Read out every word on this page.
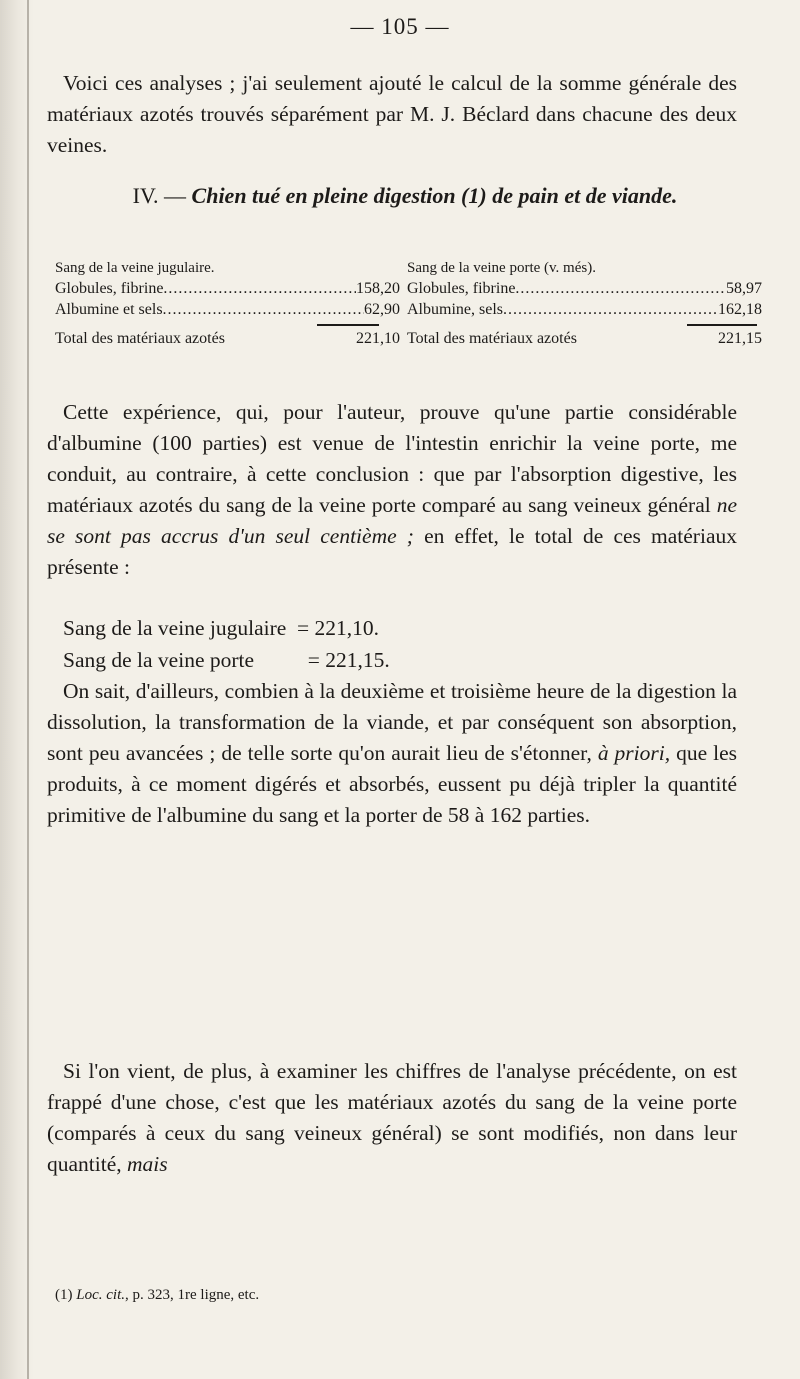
— 105 —

Voici ces analyses ; j'ai seulement ajouté le calcul de la somme générale des matériaux azotés trouvés séparément par M. J. Béclard dans chacune des deux veines.

IV. — Chien tué en pleine digestion (1) de pain et de viande.
Sang de la veine jugulaire.
Globules, fibrine .....	158,20
Albumine et sels .....	62,90
Total des matériaux azotés	221,10
Sang de la veine porte (v. més).
Globules, fibrine .....	58,97
Albumine, sels .....	162,18
Total des matériaux azotés	221,15

Cette expérience, qui, pour l'auteur, prouve qu'une partie considérable d'albumine (100 parties) est venue de l'intestin enrichir la veine porte, me conduit, au contraire, à cette conclusion : que par l'absorption digestive, les matériaux azotés du sang de la veine porte comparé au sang veineux général ne se sont pas accrus d'un seul centième ; en effet, le total de ces matériaux présente :

Sang de la veine jugulaire = 221,10.
Sang de la veine porte	= 221,15.

On sait, d'ailleurs, combien à la deuxième et troisième heure de la digestion la dissolution, la transformation de la viande, et par conséquent son absorption, sont peu avancées ; de telle sorte qu'on aurait lieu de s'étonner, à priori, que les produits, à ce moment digérés et absorbés, eussent pu déjà tripler la quantité primitive de l'albumine du sang et la porter de 58 à 162 parties.

Si l'on vient, de plus, à examiner les chiffres de l'analyse précédente, on est frappé d'une chose, c'est que les matériaux azotés du sang de la veine porte (comparés à ceux du sang veineux général) se sont modifiés, non dans leur quantité, mais

(1) Loc. cit., p. 323, 1re ligne, etc.
